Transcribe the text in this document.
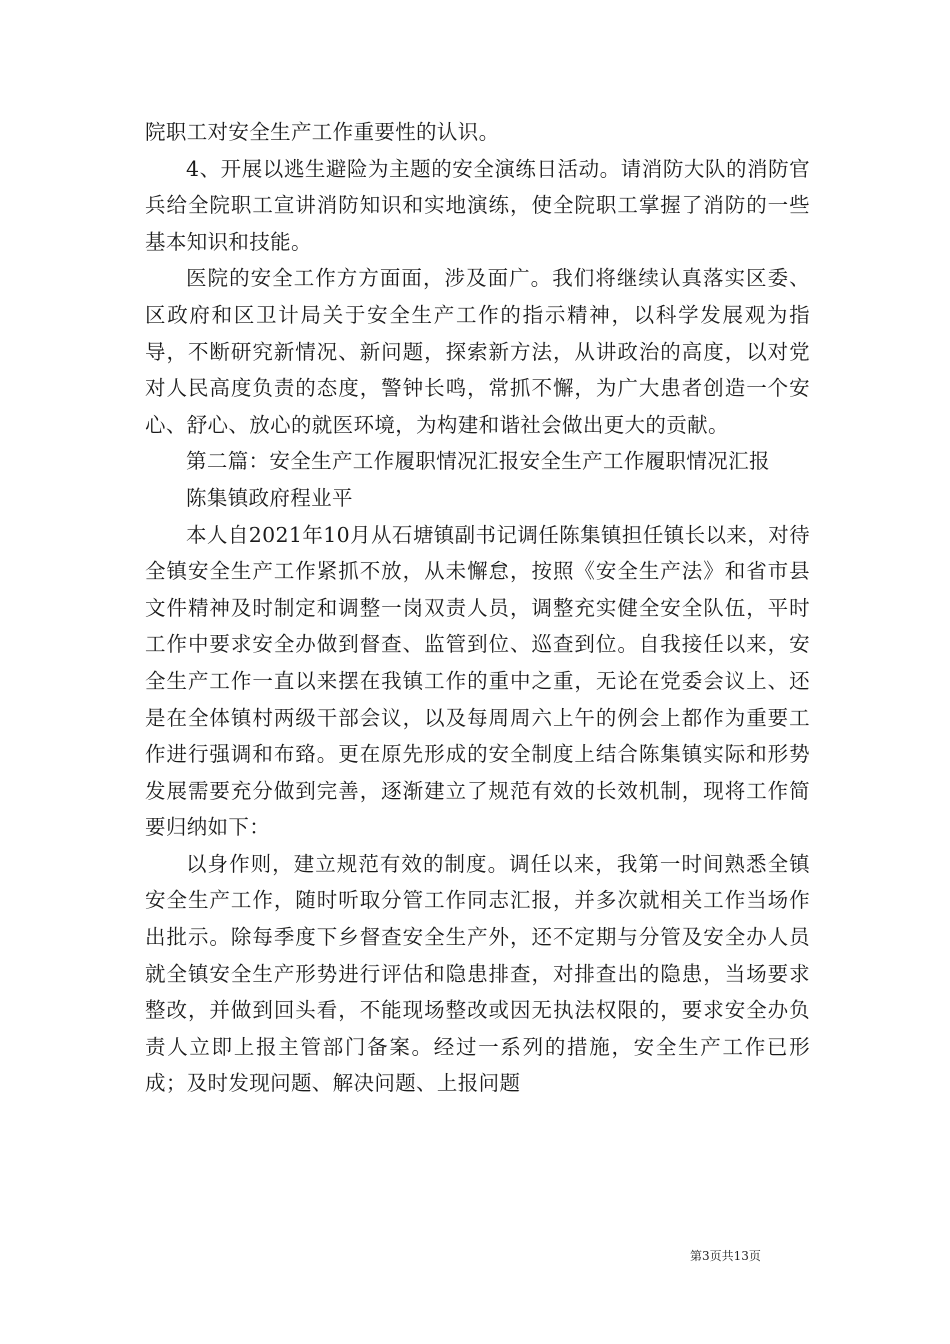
院职工对安全生产工作重要性的认识。

4、开展以逃生避险为主题的安全演练日活动。请消防大队的消防官兵给全院职工宣讲消防知识和实地演练，使全院职工掌握了消防的一些基本知识和技能。

医院的安全工作方方面面，涉及面广。我们将继续认真落实区委、区政府和区卫计局关于安全生产工作的指示精神，以科学发展观为指导，不断研究新情况、新问题，探索新方法，从讲政治的高度，以对党对人民高度负责的态度，警钟长鸣，常抓不懈，为广大患者创造一个安心、舒心、放心的就医环境，为构建和谐社会做出更大的贡献。

第二篇：安全生产工作履职情况汇报安全生产工作履职情况汇报

陈集镇政府程业平

本人自2021年10月从石塘镇副书记调任陈集镇担任镇长以来，对待全镇安全生产工作紧抓不放，从未懈怠，按照《安全生产法》和省市县文件精神及时制定和调整一岗双责人员，调整充实健全安全队伍，平时工作中要求安全办做到督查、监管到位、巡查到位。自我接任以来，安全生产工作一直以来摆在我镇工作的重中之重，无论在党委会议上、还是在全体镇村两级干部会议，以及每周周六上午的例会上都作为重要工作进行强调和布臵。更在原先形成的安全制度上结合陈集镇实际和形势发展需要充分做到完善，逐渐建立了规范有效的长效机制，现将工作简要归纳如下：

以身作则，建立规范有效的制度。调任以来，我第一时间熟悉全镇安全生产工作，随时听取分管工作同志汇报，并多次就相关工作当场作出批示。除每季度下乡督查安全生产外，还不定期与分管及安全办人员就全镇安全生产形势进行评估和隐患排查，对排查出的隐患，当场要求整改，并做到回头看，不能现场整改或因无执法权限的，要求安全办负责人立即上报主管部门备案。经过一系列的措施，安全生产工作已形成；及时发现问题、解决问题、上报问题

第3页共13页
